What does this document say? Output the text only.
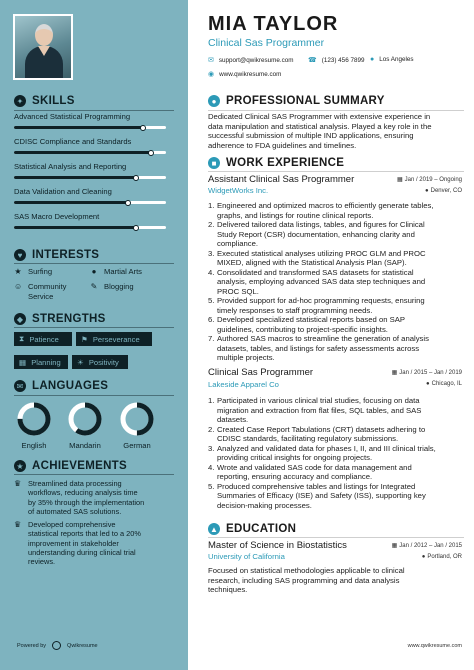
✦ SKILLS
Advanced Statistical Programming
CDISC Compliance and Standards
Statistical Analysis and Reporting
Data Validation and Cleaning
SAS Macro Development
♥ INTERESTS
★ Surfing	● Martial Arts
☺ Community Service
✎ Blogging
◆ STRENGTHS
⧗ Patience	⚑ Perseverance
▦ Planning ☀ Positivity
✉ LANGUAGES
English	Mandarin	German
★ ACHIEVEMENTS
♛ Streamlined data processing
workflows, reducing analysis time
by 35% through the implementation
of automated SAS solutions.
♛ Developed comprehensive
statistical reports that led to a 20%
improvement in stakeholder
understanding during clinical trial
reviews.
Powered by	Qwikresume
MIA TAYLOR
Clinical Sas Programmer
✉ support@qwikresume.com ☎ (123) 456 7899 ● Los Angeles
◉ www.qwikresume.com
● PROFESSIONAL SUMMARY
Dedicated Clinical SAS Programmer with extensive experience in
data manipulation and statistical analysis. Played a key role in the
successful submission of multiple IND applications, ensuring
adherence to FDA guidelines and timelines.
■ WORK EXPERIENCE
Assistant Clinical Sas Programmer	▦ Jan / 2019 – Ongoing
WidgetWorks Inc.	● Denver, CO
1. Engineered and optimized macros to efficiently generate tables,
graphs, and listings for routine clinical reports.
2. Delivered tailored data listings, tables, and figures for Clinical
Study Report (CSR) documentation, enhancing clarity and
compliance.
3. Executed statistical analyses utilizing PROC GLM and PROC
MIXED, aligned with the Statistical Analysis Plan (SAP).
4. Consolidated and transformed SAS datasets for statistical
analysis, employing advanced SAS data step techniques and
PROC SQL.
5. Provided support for ad-hoc programming requests, ensuring
timely responses to staff programming needs.
6. Developed specialized statistical reports based on SAP
guidelines, contributing to project-specific insights.
7. Authored SAS macros to streamline the generation of analysis
datasets, tables, and listings for safety assessments across
multiple projects.
Clinical Sas Programmer	▦ Jan / 2015 – Jan / 2019
Lakeside Apparel Co	● Chicago, IL
1. Participated in various clinical trial studies, focusing on data
migration and extraction from flat files, SQL tables, and SAS
datasets.
2. Created Case Report Tabulations (CRT) datasets adhering to
CDISC standards, facilitating regulatory submissions.
3. Analyzed and validated data for phases I, II, and III clinical trials,
providing critical insights for ongoing projects.
4. Wrote and validated SAS code for data management and
reporting, ensuring accuracy and compliance.
5. Produced comprehensive tables and listings for Integrated
Summaries of Efficacy (ISE) and Safety (ISS), supporting key
decision-making processes.
▲ EDUCATION
Master of Science in Biostatistics	▦ Jan / 2012 – Jan / 2015
University of California	● Portland, OR
Focused on statistical methodologies applicable to clinical
research, including SAS programming and data analysis
techniques.
www.qwikresume.com
